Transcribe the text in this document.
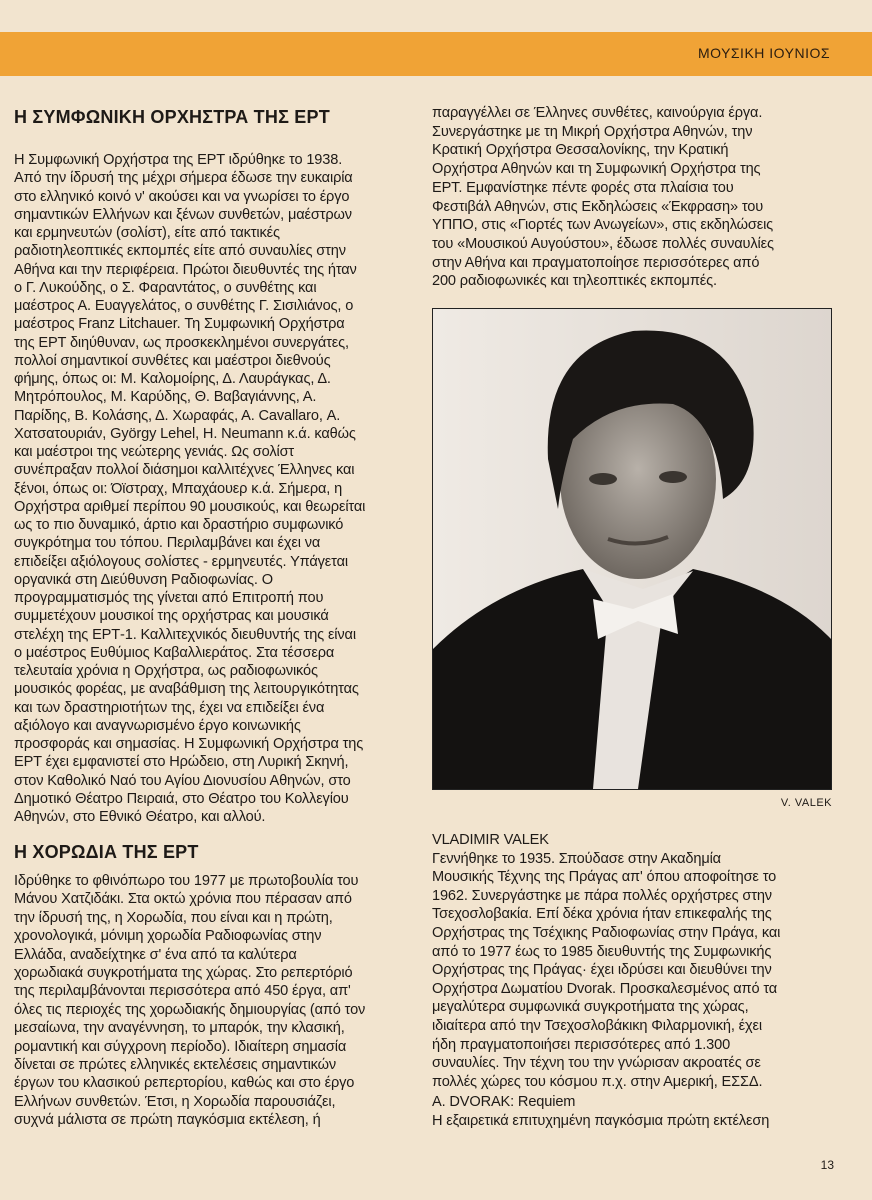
ΜΟΥΣΙΚΗ ΙΟΥΝΙΟΣ
Η ΣΥΜΦΩΝΙΚΗ ΟΡΧΗΣΤΡΑ ΤΗΣ ΕΡΤ
Η Συμφωνική Ορχήστρα της ΕΡΤ ιδρύθηκε το 1938.
Από την ίδρυσή της μέχρι σήμερα έδωσε την ευκαιρία
στο ελληνικό κοινό ν' ακούσει και να γνωρίσει το έργο
σημαντικών Ελλήνων και ξένων συνθετών, μαέστρων
και ερμηνευτών (σολίστ), είτε από τακτικές
ραδιοτηλεοπτικές εκπομπές είτε από συναυλίες στην
Αθήνα και την περιφέρεια. Πρώτοι διευθυντές της ήταν
ο Γ. Λυκούδης, ο Σ. Φαραντάτος, ο συνθέτης και
μαέστρος Α. Ευαγγελάτος, ο συνθέτης Γ. Σισιλιάνος, ο
μαέστρος Franz Litchauer. Τη Συμφωνική Ορχήστρα
της ΕΡΤ διηύθυναν, ως προσκεκλημένοι συνεργάτες,
πολλοί σημαντικοί συνθέτες και μαέστροι διεθνούς
φήμης, όπως οι: Μ. Καλομοίρης, Δ. Λαυράγκας, Δ.
Μητρόπουλος, Μ. Καρύδης, Θ. Βαβαγιάννης, Α.
Παρίδης, Β. Κολάσης, Δ. Χωραφάς, Α. Cavallaro, Α.
Χατσατουριάν, György Lehel, H. Neumann κ.ά. καθώς
και μαέστροι της νεώτερης γενιάς. Ως σολίστ
συνέπραξαν πολλοί διάσημοι καλλιτέχνες Έλληνες και
ξένοι, όπως οι: Όϊστραχ, Μπαχάουερ κ.ά. Σήμερα, η
Ορχήστρα αριθμεί περίπου 90 μουσικούς, και θεωρείται
ως το πιο δυναμικό, άρτιο και δραστήριο συμφωνικό
συγκρότημα του τόπου. Περιλαμβάνει και έχει να
επιδείξει αξιόλογους σολίστες - ερμηνευτές. Υπάγεται
οργανικά στη Διεύθυνση Ραδιοφωνίας. Ο
προγραμματισμός της γίνεται από Επιτροπή που
συμμετέχουν μουσικοί της ορχήστρας και μουσικά
στελέχη της ΕΡΤ-1. Καλλιτεχνικός διευθυντής της είναι
ο μαέστρος Ευθύμιος Καβαλλιεράτος. Στα τέσσερα
τελευταία χρόνια η Ορχήστρα, ως ραδιοφωνικός
μουσικός φορέας, με αναβάθμιση της λειτουργικότητας
και των δραστηριοτήτων της, έχει να επιδείξει ένα
αξιόλογο και αναγνωρισμένο έργο κοινωνικής
προσφοράς και σημασίας. Η Συμφωνική Ορχήστρα της
ΕΡΤ έχει εμφανιστεί στο Ηρώδειο, στη Λυρική Σκηνή,
στον Καθολικό Ναό του Αγίου Διονυσίου Αθηνών, στο
Δημοτικό Θέατρο Πειραιά, στο Θέατρο του Κολλεγίου
Αθηνών, στο Εθνικό Θέατρο, και αλλού.
Η ΧΟΡΩΔΙΑ ΤΗΣ ΕΡΤ
Ιδρύθηκε το φθινόπωρο του 1977 με πρωτοβουλία του
Μάνου Χατζιδάκι. Στα οκτώ χρόνια που πέρασαν από
την ίδρυσή της, η Χορωδία, που είναι και η πρώτη,
χρονολογικά, μόνιμη χορωδία Ραδιοφωνίας στην
Ελλάδα, αναδείχτηκε σ' ένα από τα καλύτερα
χορωδιακά συγκροτήματα της χώρας. Στο ρεπερτόριό
της περιλαμβάνονται περισσότερα από 450 έργα, απ'
όλες τις περιοχές της χορωδιακής δημιουργίας (από τον
μεσαίωνα, την αναγέννηση, το μπαρόκ, την κλασική,
ρομαντική και σύγχρονη περίοδο). Ιδιαίτερη σημασία
δίνεται σε πρώτες ελληνικές εκτελέσεις σημαντικών
έργων του κλασικού ρεπερτορίου, καθώς και στο έργο
Ελλήνων συνθετών. Έτσι, η Χορωδία παρουσιάζει,
συχνά μάλιστα σε πρώτη παγκόσμια εκτέλεση, ή
παραγγέλλει σε Έλληνες συνθέτες, καινούργια έργα.
Συνεργάστηκε με τη Μικρή Ορχήστρα Αθηνών, την
Κρατική Ορχήστρα Θεσσαλονίκης, την Κρατική
Ορχήστρα Αθηνών και τη Συμφωνική Ορχήστρα της
ΕΡΤ. Εμφανίστηκε πέντε φορές στα πλαίσια του
Φεστιβάλ Αθηνών, στις Εκδηλώσεις «Έκφραση» του
ΥΠΠΟ, στις «Γιορτές των Ανωγείων», στις εκδηλώσεις
του «Μουσικού Αυγούστου», έδωσε πολλές συναυλίες
στην Αθήνα και πραγματοποίησε περισσότερες από
200 ραδιοφωνικές και τηλεοπτικές εκπομπές.
V. VALEK
VLADIMIR VALEK
Γεννήθηκε το 1935. Σπούδασε στην Ακαδημία
Μουσικής Τέχνης της Πράγας απ' όπου αποφοίτησε το
1962. Συνεργάστηκε με πάρα πολλές ορχήστρες στην
Τσεχοσλοβακία. Επί δέκα χρόνια ήταν επικεφαλής της
Ορχήστρας της Τσέχικης Ραδιοφωνίας στην Πράγα, και
από το 1977 έως το 1985 διευθυντής της Συμφωνικής
Ορχήστρας της Πράγας· έχει ιδρύσει και διευθύνει την
Ορχήστρα Δωματίου Dvorak. Προσκαλεσμένος από τα
μεγαλύτερα συμφωνικά συγκροτήματα της χώρας,
ιδιαίτερα από την Τσεχοσλοβάκικη Φιλαρμονική, έχει
ήδη πραγματοποιήσει περισσότερες από 1.300
συναυλίες. Την τέχνη του την γνώρισαν ακροατές σε
πολλές χώρες του κόσμου π.χ. στην Αμερική, ΕΣΣΔ.
A. DVORAK: Requiem
Η εξαιρετικά επιτυχημένη παγκόσμια πρώτη εκτέλεση
13
